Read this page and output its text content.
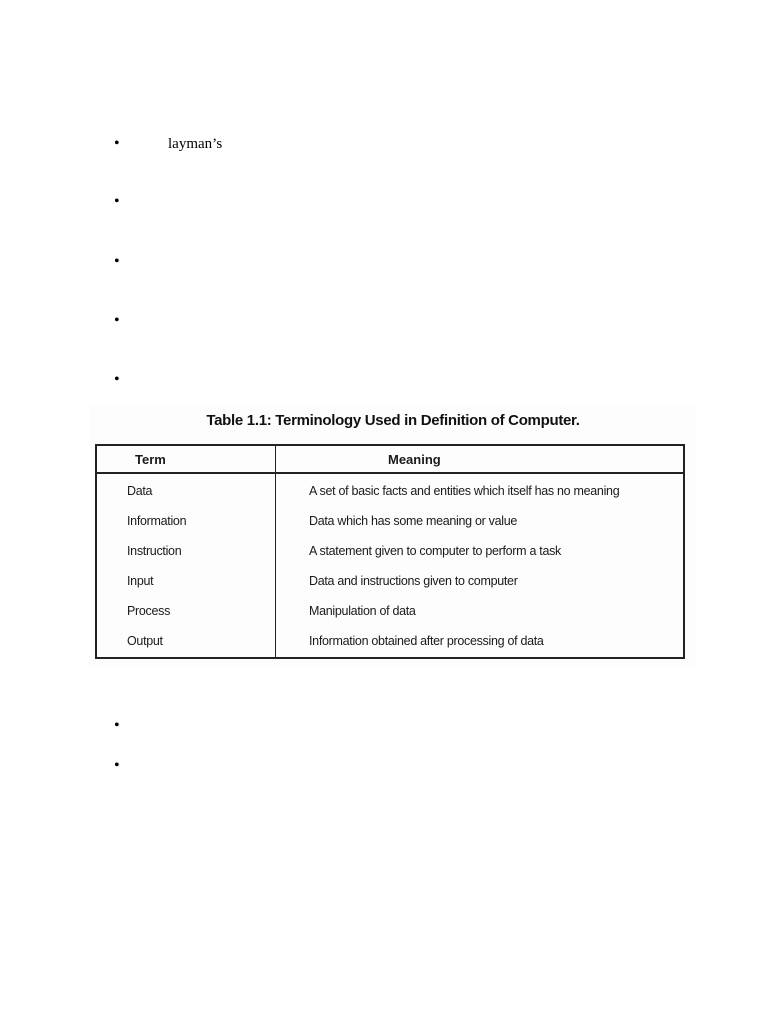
•	layman’s
•
•
•
•
Table 1.1: Terminology Used in Definition of Computer.
Term	Meaning
Data	A set of basic facts and entities which itself has no meaning
Information	Data which has some meaning or value
Instruction	A statement given to computer to perform a task
Input	Data and instructions given to computer
Process	Manipulation of data
Output	Information obtained after processing of data
•
•
